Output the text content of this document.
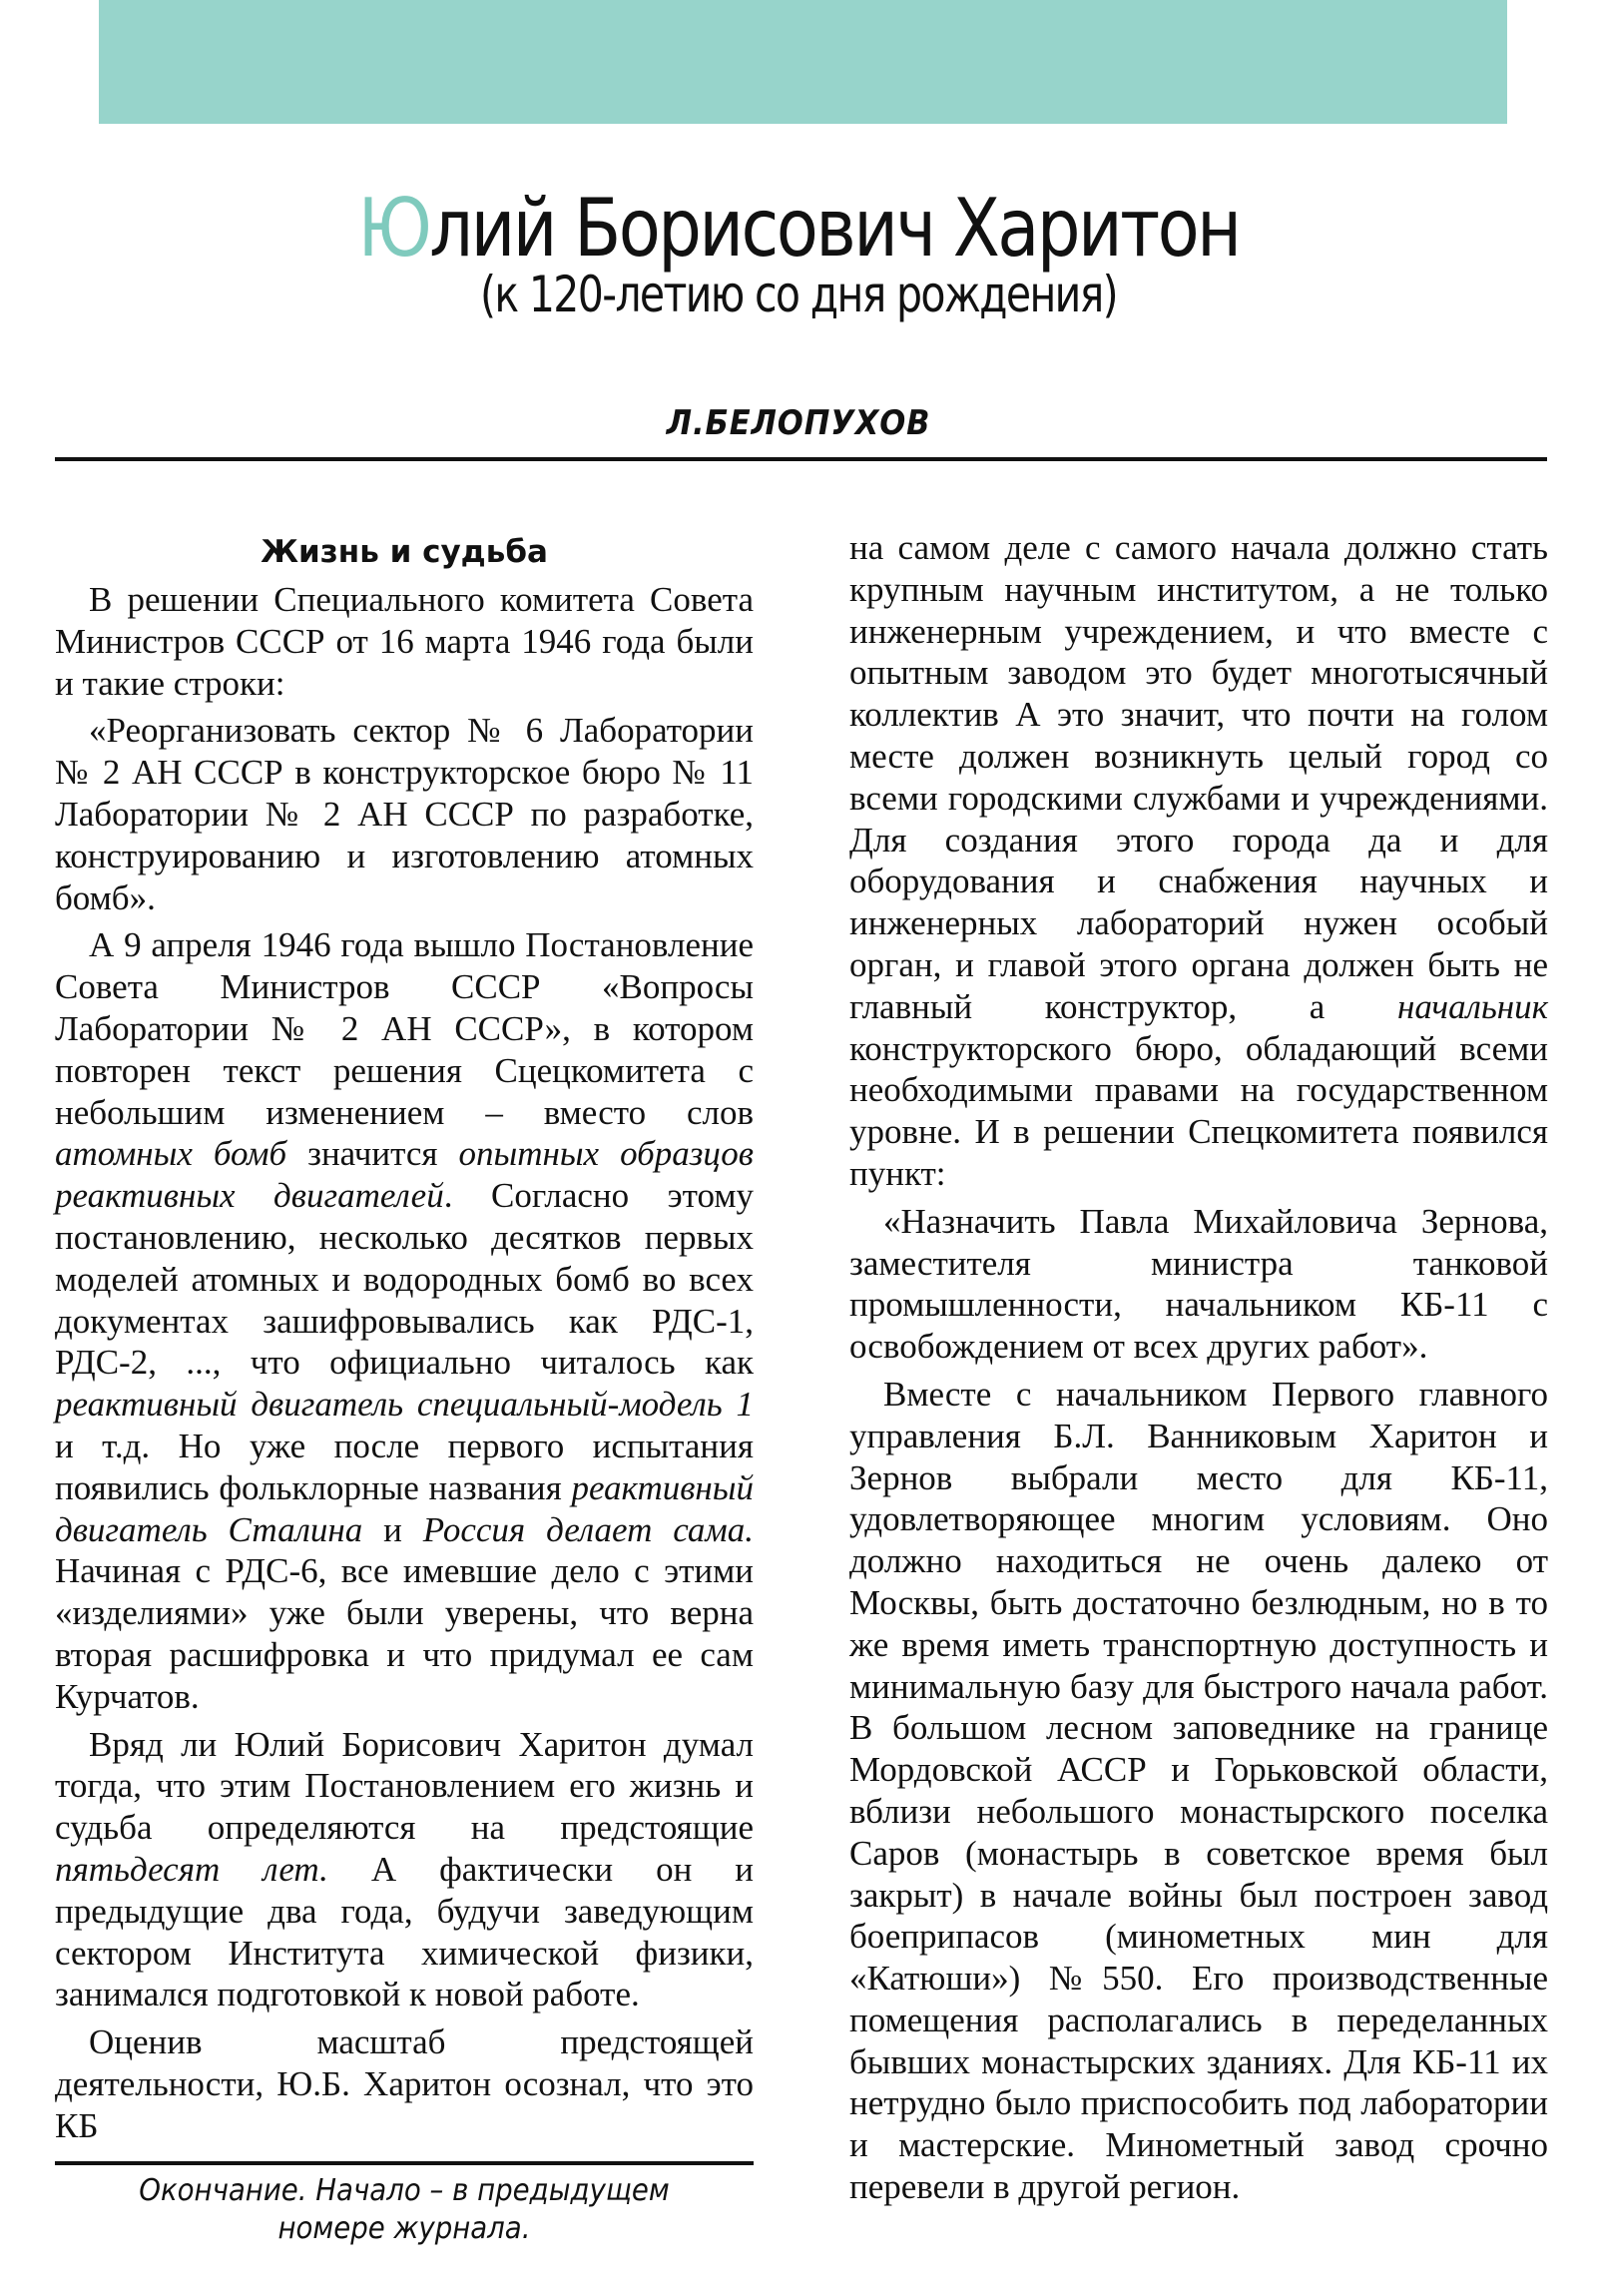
Юлий Борисович Харитон
(к 120-летию со дня рождения)
Л.БЕЛОПУХОВ
Жизнь и судьба

В решении Специального комитета Совета Министров СССР от 16 марта 1946 года были и такие строки:

«Реорганизовать сектор № 6 Лаборатории № 2 АН СССР в конструкторское бюро № 11 Лаборатории № 2 АН СССР по разработке, конструированию и изготовлению атомных бомб».

А 9 апреля 1946 года вышло Постановление Совета Министров СССР «Вопросы Лаборатории № 2 АН СССР», в котором повторен текст решения Сцецкомитета с небольшим изменением – вместо слов атомных бомб значится опытных образцов реактивных двигателей. Согласно этому постановлению, несколько десятков первых моделей атомных и водородных бомб во всех документах зашифровывались как РДС-1, РДС-2, ..., что официально читалось как реактивный двигатель специальный-модель 1 и т.д. Но уже после первого испытания появились фольклорные названия реактивный двигатель Сталина и Россия делает сама. Начиная с РДС-6, все имевшие дело с этими «изделиями» уже были уверены, что верна вторая расшифровка и что придумал ее сам Курчатов.

Вряд ли Юлий Борисович Харитон думал тогда, что этим Постановлением его жизнь и судьба определяются на предстоящие пятьдесят лет. А фактически он и предыдущие два года, будучи заведующим сектором Института химической физики, занимался подготовкой к новой работе.

Оценив масштаб предстоящей деятельности, Ю.Б. Харитон осознал, что это КБ

на самом деле с самого начала должно стать крупным научным институтом, а не только инженерным учреждением, и что вместе с опытным заводом это будет многотысячный коллектив А это значит, что почти на голом месте должен возникнуть целый город со всеми городскими службами и учреждениями. Для создания этого города да и для оборудования и снабжения научных и инженерных лабораторий нужен особый орган, и главой этого органа должен быть не главный конструктор, а начальник конструкторского бюро, обладающий всеми необходимыми правами на государственном уровне. И в решении Спецкомитета появился пункт:

«Назначить Павла Михайловича Зернова, заместителя министра танковой промышленности, начальником КБ-11 с освобождением от всех других работ».

Вместе с начальником Первого главного управления Б.Л. Ванниковым Харитон и Зернов выбрали место для КБ-11, удовлетворяющее многим условиям. Оно должно находиться не очень далеко от Москвы, быть достаточно безлюдным, но в то же время иметь транспортную доступность и минимальную базу для быстрого начала работ. В большом лесном заповеднике на границе Мордовской АССР и Горьковской области, вблизи небольшого монастырского поселка Саров (монастырь в советское время был закрыт) в начале войны был построен завод боеприпасов (минометных мин для «Катюши») №550. Его производственные помещения располагались в переделанных бывших монастырских зданиях. Для КБ-11 их нетрудно было приспособить под лаборатории и мастерские. Минометный завод срочно перевели в другой регион.

Окончание. Начало – в предыдущем номере журнала.
